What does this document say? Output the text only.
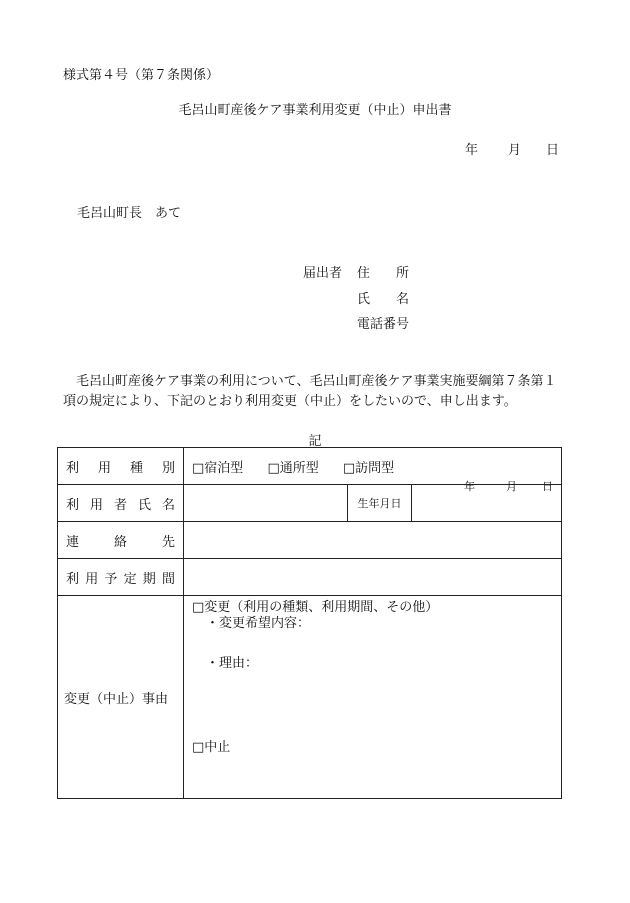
様式第４号（第７条関係）
毛呂山町産後ケア事業利用変更（中止）申出書
年 月 日
毛呂山町長　あて
届出者 住　　所
氏　　名
電話番号
毛呂山町産後ケア事業の利用について、毛呂山町産後ケア事業実施要綱第７条第１項の規定により、下記のとおり利用変更（中止）をしたいので、申し出ます。
記
利用種別	□宿泊型 □通所型 □訪問型		
利用者氏名		生年月日	年 月 日

連絡先			
利用予定期間			
変更（中止）事由	□変更（利用の種類、利用期間、その他）
・変更希望内容：
・理由：
□中止		
